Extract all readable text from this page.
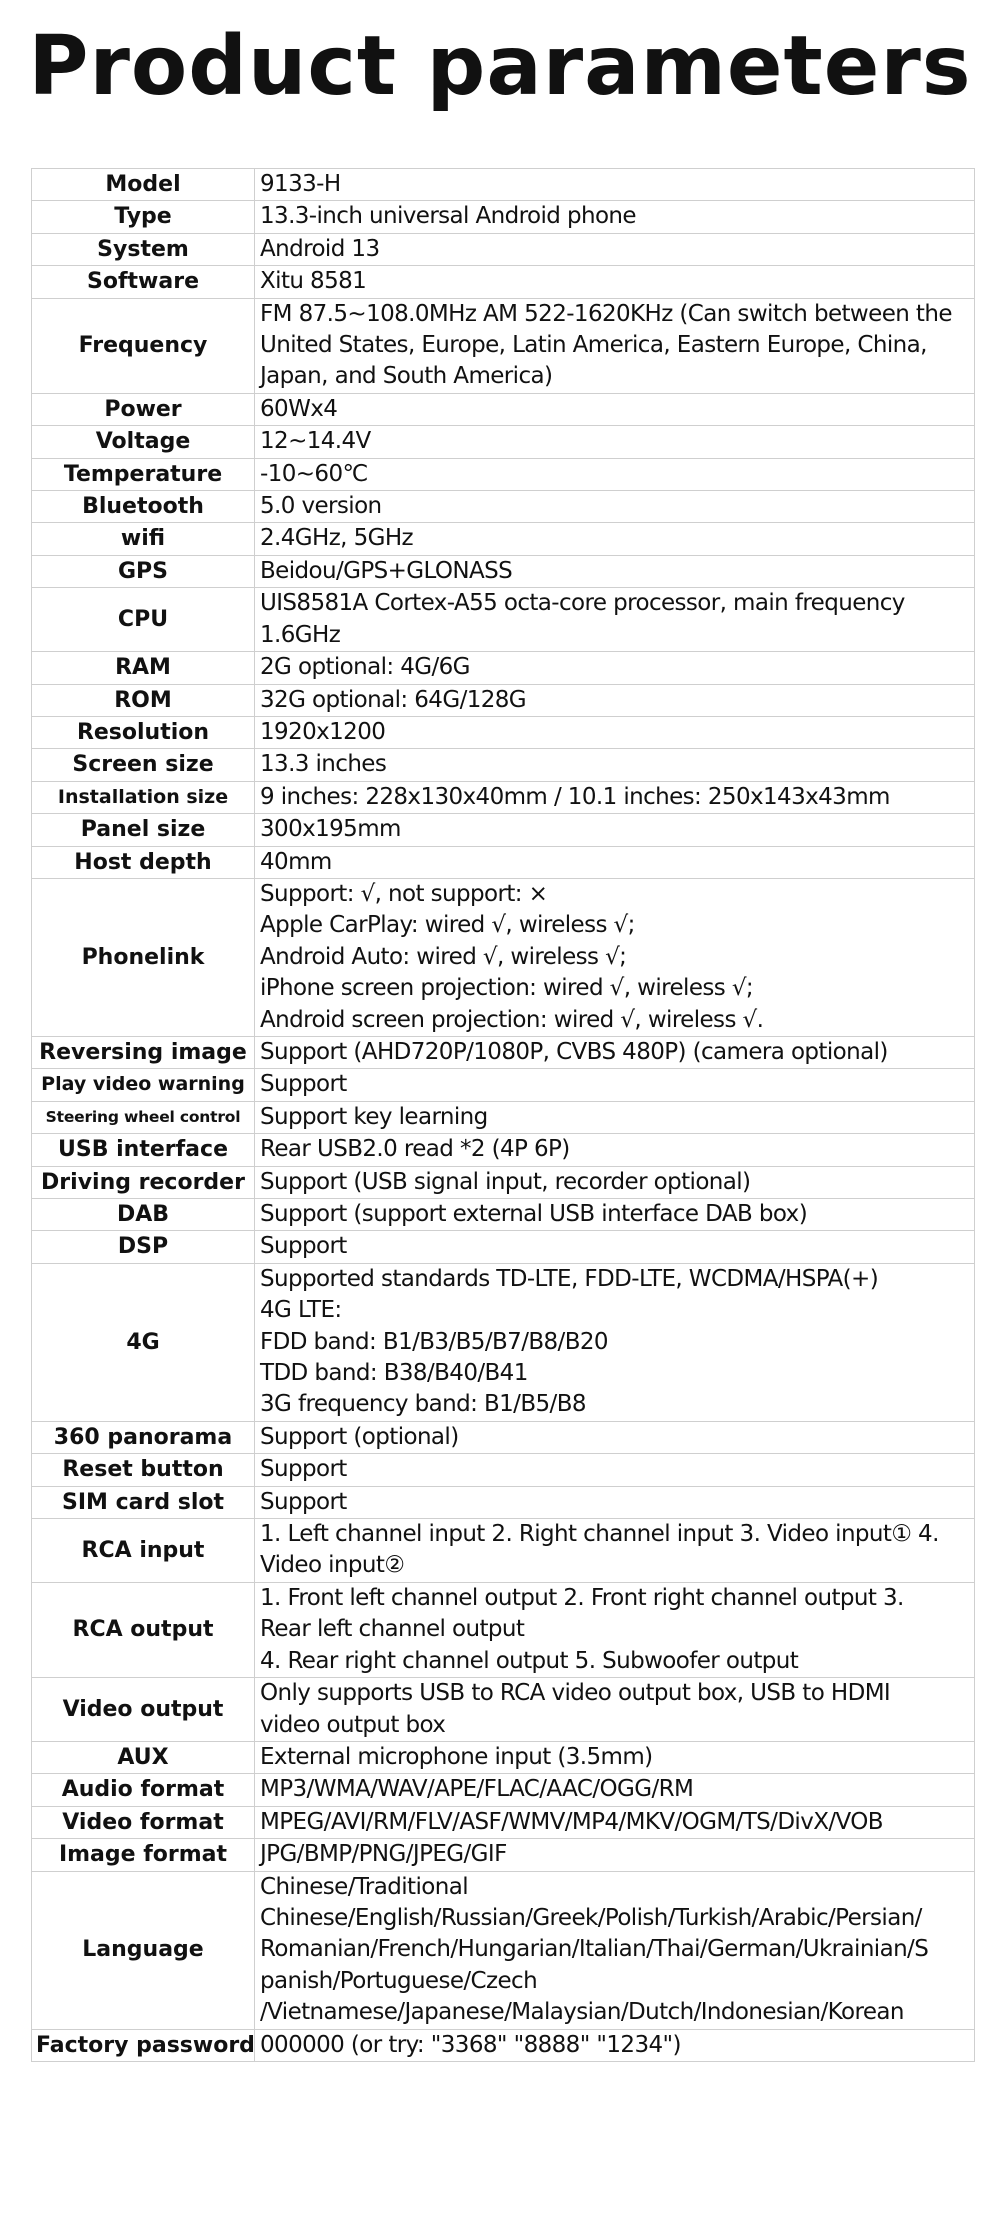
Product parameters
Model	9133-H

Type	13.3-inch universal Android phone

System	Android 13

Software	Xitu 8581

Frequency	FM 87.5~108.0MHz AM 522-1620KHz (Can switch between the
United States, Europe, Latin America, Eastern Europe, China,
Japan, and South America)

Power	60Wx4

Voltage	12~14.4V

Temperature	-10~60℃

Bluetooth	5.0 version

wifi	2.4GHz, 5GHz

GPS	Beidou/GPS+GLONASS

CPU	UIS8581A Cortex-A55 octa-core processor, main frequency
1.6GHz

RAM	2G optional: 4G/6G

ROM	32G optional: 64G/128G

Resolution	1920x1200

Screen size	13.3 inches

Installation size	9 inches: 228x130x40mm / 10.1 inches: 250x143x43mm

Panel size	300x195mm

Host depth	40mm

Phonelink	Support: √, not support: ×
Apple CarPlay: wired √, wireless √;
Android Auto: wired √, wireless √;
iPhone screen projection: wired √, wireless √;
Android screen projection: wired √, wireless √.

Reversing image	Support (AHD720P/1080P, CVBS 480P) (camera optional)

Play video warning	Support

Steering wheel control	Support key learning

USB interface	Rear USB2.0 read *2 (4P 6P)

Driving recorder	Support (USB signal input, recorder optional)

DAB	Support (support external USB interface DAB box)

DSP	Support

4G	Supported standards TD-LTE, FDD-LTE, WCDMA/HSPA(+)
4G LTE:
FDD band: B1/B3/B5/B7/B8/B20
TDD band: B38/B40/B41
3G frequency band: B1/B5/B8

360 panorama	Support (optional)

Reset button	Support

SIM card slot	Support

RCA input	1. Left channel input 2. Right channel input 3. Video input① 4.
Video input②

RCA output	1. Front left channel output 2. Front right channel output 3.
Rear left channel output
4. Rear right channel output 5. Subwoofer output

Video output	Only supports USB to RCA video output box, USB to HDMI
video output box

AUX	External microphone input (3.5mm)

Audio format	MP3/WMA/WAV/APE/FLAC/AAC/OGG/RM

Video format	MPEG/AVI/RM/FLV/ASF/WMV/MP4/MKV/OGM/TS/DivX/VOB

Image format	JPG/BMP/PNG/JPEG/GIF

Language	Chinese/Traditional
Chinese/English/Russian/Greek/Polish/Turkish/Arabic/Persian/
Romanian/French/Hungarian/Italian/Thai/German/Ukrainian/S
panish/Portuguese/Czech
/Vietnamese/Japanese/Malaysian/Dutch/Indonesian/Korean

Factory password	000000 (or try: "3368" "8888" "1234")
